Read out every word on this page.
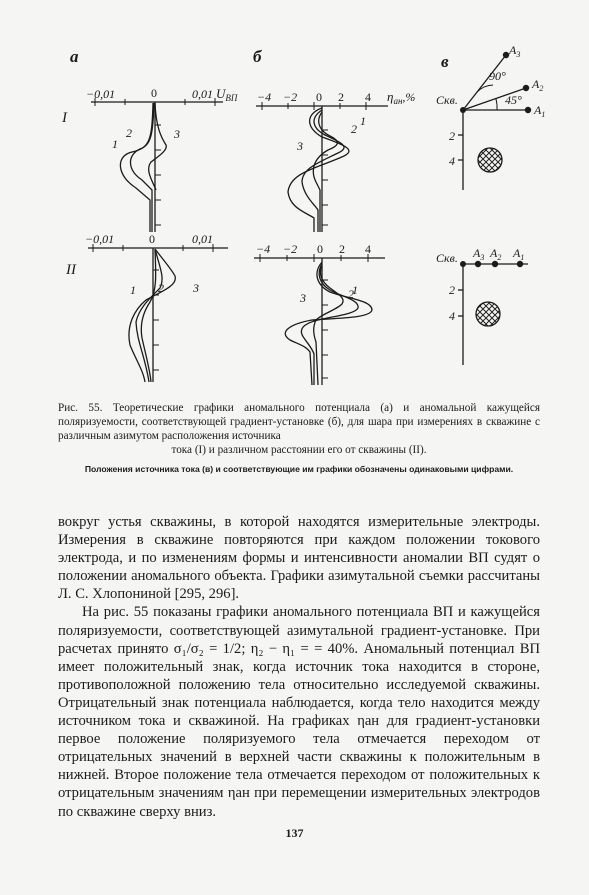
а	б	в
I
II
−0,01	0	0,01 $U_{ВП}$
1
2	3
−0,01	0	0,01
1 2 3
−4 −2 0 2 4 $\eta_{ан},\%$
1
2
3
−4 −2 0 2 4
1
2
3
Скв.
$A_1$
$A_2$
$A_3$
90°
45°
2
4
Скв. $A_3$ $A_2$ $A_1$
2
4
Рис. 55. Теоретические графики аномального потенциала (а) и аномальной кажущейся поляризуемости, соответствующей градиент-установке (б), для шара при измерениях в скважине с различным азимутом расположения источника
тока (I) и различном расстоянии его от скважины (II).
Положения источника тока (в) и соответствующие им графики обозначены одинаковыми цифрами.

вокруг устья скважины, в которой находятся измерительные электроды. Измерения в скважине повторяются при каждом положении токового электрода, и по изменениям формы и интенсивности аномалии ВП судят о положении аномального объекта. Графики азимутальной съемки рассчитаны Л. С. Хлопониной [295, 296].

На рис. 55 показаны графики аномального потенциала ВП и кажущейся поляризуемости, соответствующей азимутальной градиент-установке. При расчетах принято σ₁/σ₂ = 1/2; η₂ − η₁ = = 40%. Аномальный потенциал ВП имеет положительный знак, когда источник тока находится в стороне, противоположной положению тела относительно исследуемой скважины. Отрицательный знак потенциала наблюдается, когда тело находится между источником тока и скважиной. На графиках ηан для градиент-установки первое положение поляризуемого тела отмечается переходом от отрицательных значений в верхней части скважины к положительным в нижней. Второе положение тела отмечается переходом от положительных к отрицательным значениям ηан при перемещении измерительных электродов по скважине сверху вниз.

137
